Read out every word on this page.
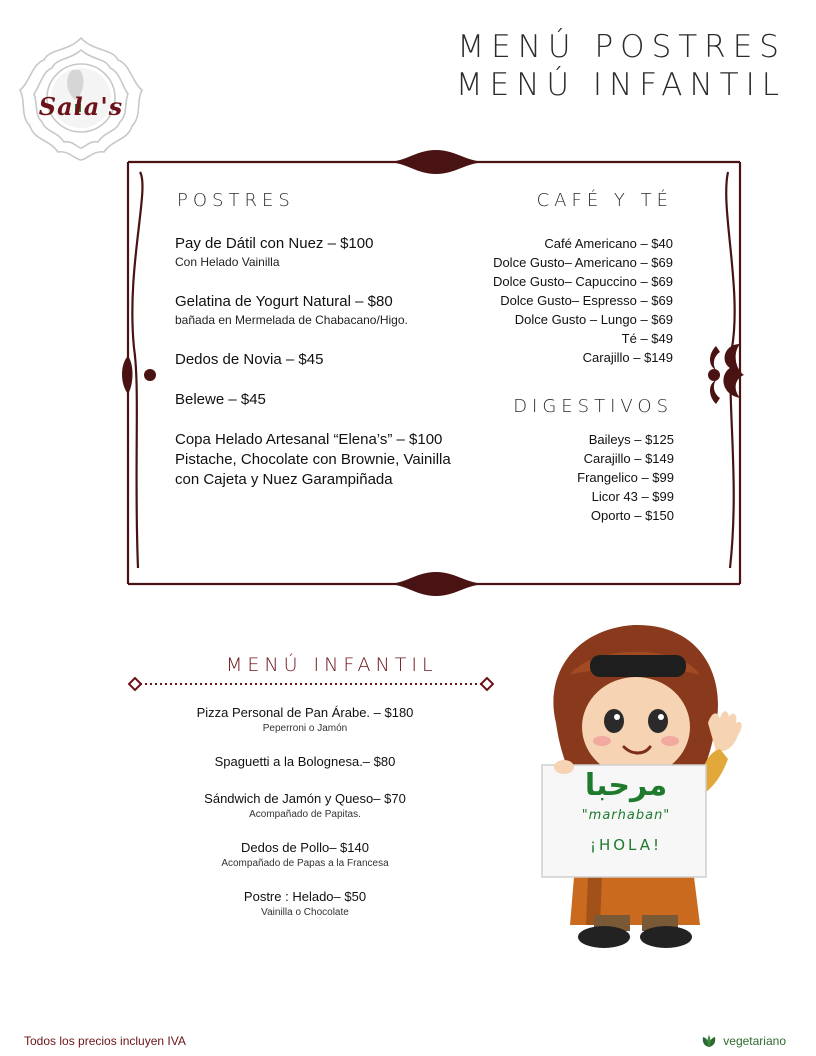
Sala's
MENÚ POSTRES
MENÚ INFANTIL
POSTRES
Pay de Dátil con Nuez – $100
Con Helado Vainilla
Gelatina de Yogurt Natural – $80
bañada en Mermelada de Chabacano/Higo.
Dedos de Novia – $45
Belewe – $45
Copa Helado Artesanal “Elena’s” – $100
Pistache, Chocolate con Brownie, Vainilla
con Cajeta y Nuez Garampiñada
CAFÉ Y TÉ
Café Americano – $40
Dolce Gusto– Americano – $69
Dolce Gusto– Capuccino – $69
Dolce Gusto– Espresso – $69
Dolce Gusto – Lungo – $69
Té – $49
Carajillo – $149
DIGESTIVOS
Baileys – $125
Carajillo – $149
Frangelico – $99
Licor 43 – $99
Oporto – $150
MENÚ INFANTIL
Pizza Personal de Pan Árabe. – $180
Peperroni o Jamón
Spaguetti a la Bolognesa.– $80
Sándwich de Jamón y Queso– $70
Acompañado de Papitas.
Dedos de Pollo– $140
Acompañado de Papas a la Francesa
Postre : Helado– $50
Vainilla o Chocolate
مرحبا
"marhaban"
¡HOLA!
Todos los precios incluyen IVA	vegetariano
